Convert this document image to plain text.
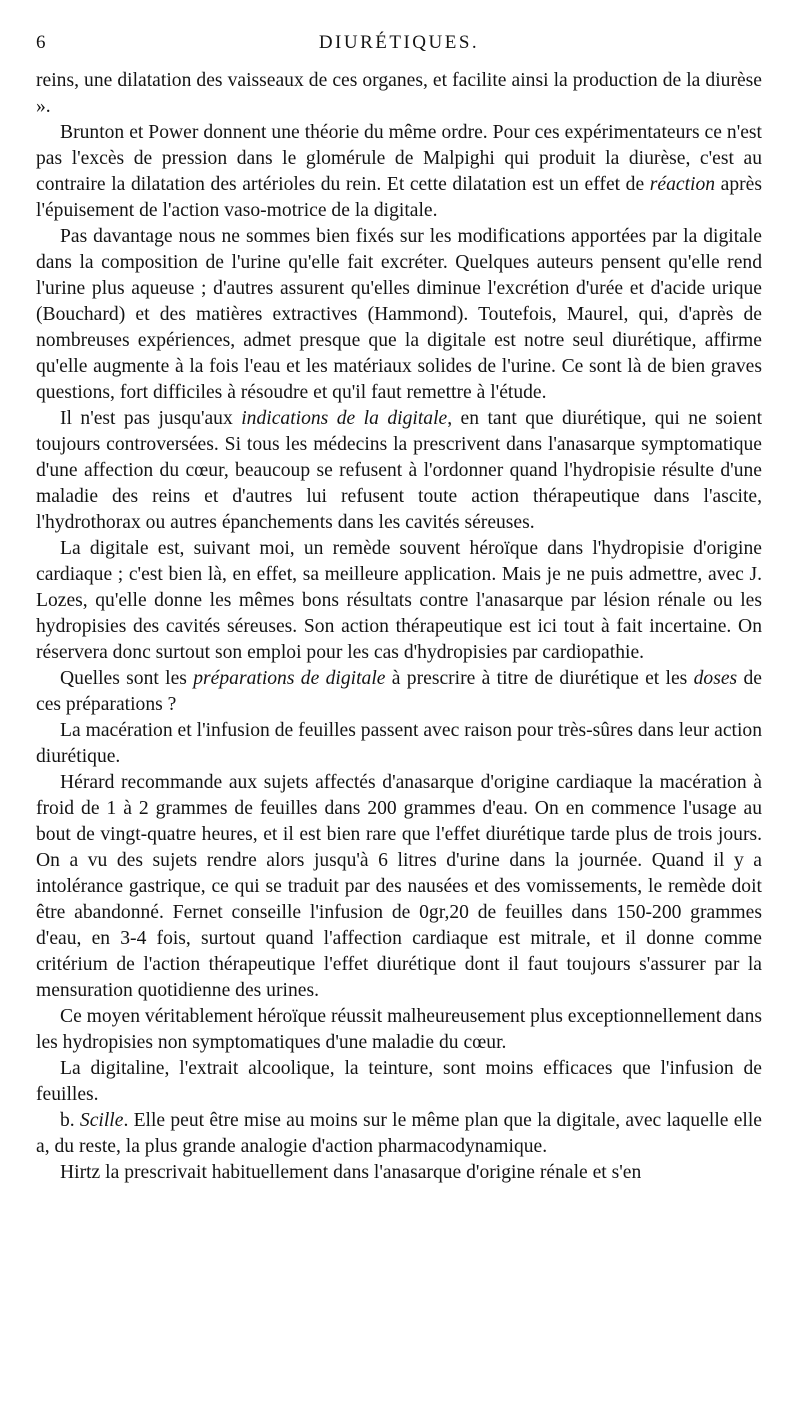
6	DIURÉTIQUES.

reins, une dilatation des vaisseaux de ces organes, et facilite ainsi la production de la diurèse ».

Brunton et Power donnent une théorie du même ordre. Pour ces expérimentateurs ce n'est pas l'excès de pression dans le glomérule de Malpighi qui produit la diurèse, c'est au contraire la dilatation des artérioles du rein. Et cette dilatation est un effet de réaction après l'épuisement de l'action vaso-motrice de la digitale.

Pas davantage nous ne sommes bien fixés sur les modifications apportées par la digitale dans la composition de l'urine qu'elle fait excréter. Quelques auteurs pensent qu'elle rend l'urine plus aqueuse ; d'autres assurent qu'elles diminue l'excrétion d'urée et d'acide urique (Bouchard) et des matières extractives (Hammond). Toutefois, Maurel, qui, d'après de nombreuses expériences, admet presque que la digitale est notre seul diurétique, affirme qu'elle augmente à la fois l'eau et les matériaux solides de l'urine. Ce sont là de bien graves questions, fort difficiles à résoudre et qu'il faut remettre à l'étude.

Il n'est pas jusqu'aux indications de la digitale, en tant que diurétique, qui ne soient toujours controversées. Si tous les médecins la prescrivent dans l'anasarque symptomatique d'une affection du cœur, beaucoup se refusent à l'ordonner quand l'hydropisie résulte d'une maladie des reins et d'autres lui refusent toute action thérapeutique dans l'ascite, l'hydrothorax ou autres épanchements dans les cavités séreuses.

La digitale est, suivant moi, un remède souvent héroïque dans l'hydropisie d'origine cardiaque ; c'est bien là, en effet, sa meilleure application. Mais je ne puis admettre, avec J. Lozes, qu'elle donne les mêmes bons résultats contre l'anasarque par lésion rénale ou les hydropisies des cavités séreuses. Son action thérapeutique est ici tout à fait incertaine. On réservera donc surtout son emploi pour les cas d'hydropisies par cardiopathie.

Quelles sont les préparations de digitale à prescrire à titre de diurétique et les doses de ces préparations ?

La macération et l'infusion de feuilles passent avec raison pour très-sûres dans leur action diurétique.

Hérard recommande aux sujets affectés d'anasarque d'origine cardiaque la macération à froid de 1 à 2 grammes de feuilles dans 200 grammes d'eau. On en commence l'usage au bout de vingt-quatre heures, et il est bien rare que l'effet diurétique tarde plus de trois jours. On a vu des sujets rendre alors jusqu'à 6 litres d'urine dans la journée. Quand il y a intolérance gastrique, ce qui se traduit par des nausées et des vomissements, le remède doit être abandonné. Fernet conseille l'infusion de 0gr,20 de feuilles dans 150-200 grammes d'eau, en 3-4 fois, surtout quand l'affection cardiaque est mitrale, et il donne comme critérium de l'action thérapeutique l'effet diurétique dont il faut toujours s'assurer par la mensuration quotidienne des urines.

Ce moyen véritablement héroïque réussit malheureusement plus exceptionnellement dans les hydropisies non symptomatiques d'une maladie du cœur.

La digitaline, l'extrait alcoolique, la teinture, sont moins efficaces que l'infusion de feuilles.

b. Scille. Elle peut être mise au moins sur le même plan que la digitale, avec laquelle elle a, du reste, la plus grande analogie d'action pharmacodynamique.

Hirtz la prescrivait habituellement dans l'anasarque d'origine rénale et s'en
